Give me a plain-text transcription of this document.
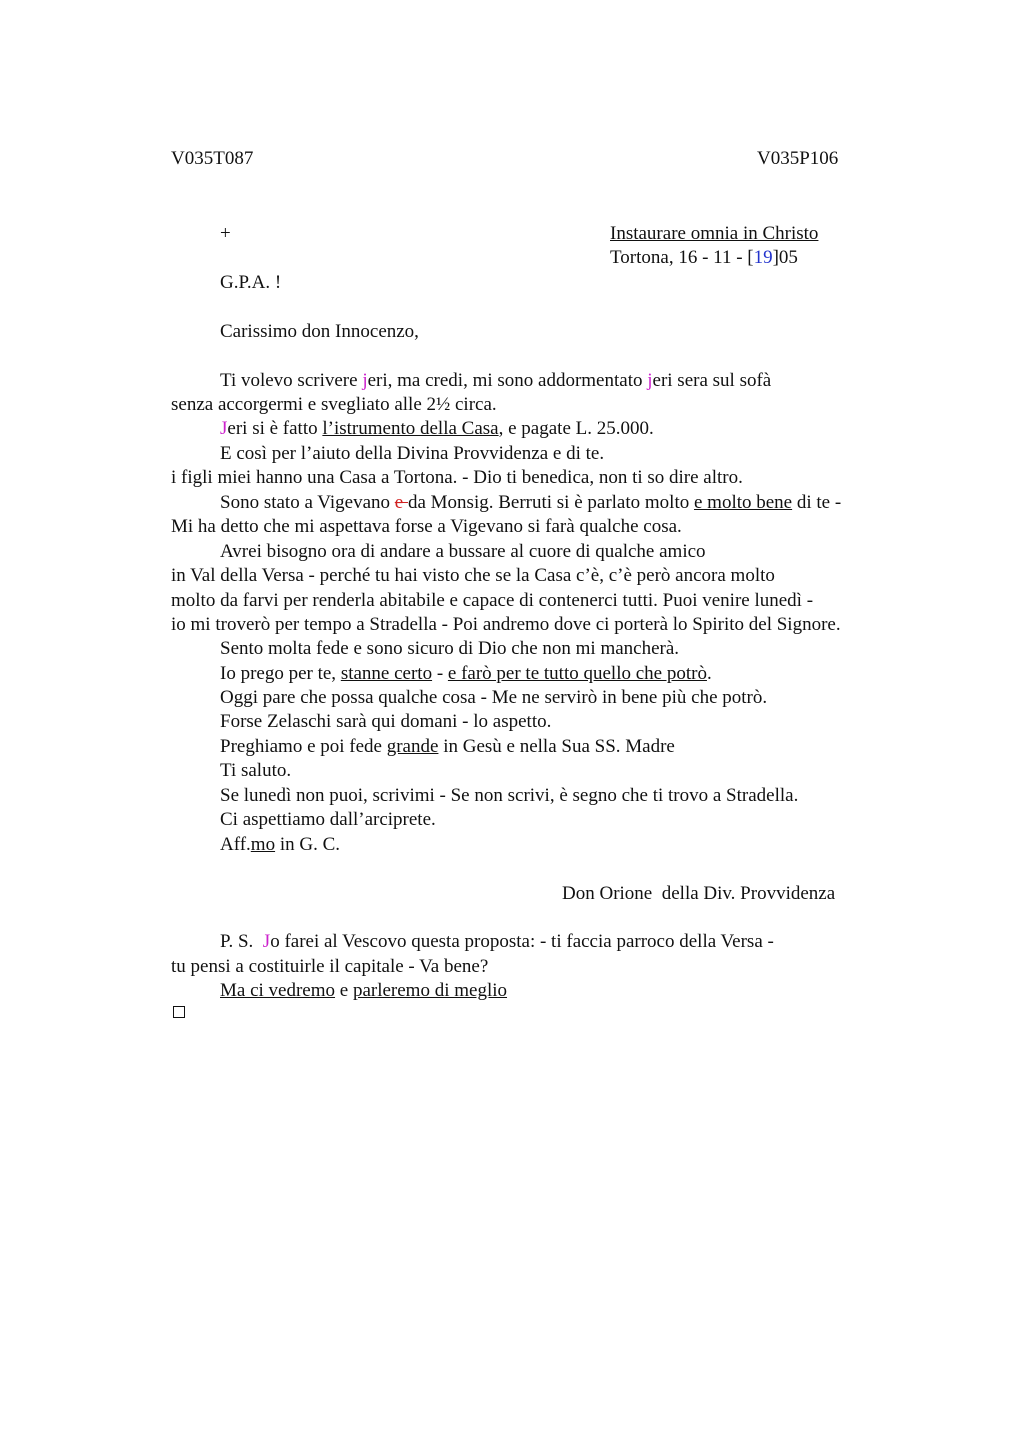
V035T087	V035P106
+	Instaurare omnia in Christo
Tortona, 16 - 11 - [19]05
G.P.A. !
Carissimo don Innocenzo,
Ti volevo scrivere jeri, ma credi, mi sono addormentato jeri sera sul sofà
senza accorgermi e svegliato alle 2½ circa.
Jeri si è fatto l’istrumento della Casa, e pagate L. 25.000.
E così per l’aiuto della Divina Provvidenza e di te.
i figli miei hanno una Casa a Tortona. - Dio ti benedica, non ti so dire altro.
Sono stato a Vigevano e da Monsig. Berruti si è parlato molto e molto bene di te -
Mi ha detto che mi aspettava forse a Vigevano si farà qualche cosa.
Avrei bisogno ora di andare a bussare al cuore di qualche amico
in Val della Versa - perché tu hai visto che se la Casa c’è, c’è però ancora molto
molto da farvi per renderla abitabile e capace di contenerci tutti. Puoi venire lunedì -
io mi troverò per tempo a Stradella - Poi andremo dove ci porterà lo Spirito del Signore.
Sento molta fede e sono sicuro di Dio che non mi mancherà.
Io prego per te, stanne certo - e farò per te tutto quello che potrò.
Oggi pare che possa qualche cosa - Me ne servirò in bene più che potrò.
Forse Zelaschi sarà qui domani - lo aspetto.
Preghiamo e poi fede grande in Gesù e nella Sua SS. Madre
Ti saluto.
Se lunedì non puoi, scrivimi - Se non scrivi, è segno che ti trovo a Stradella.
Ci aspettiamo dall’arciprete.
Aff.mo in G. C.
Don Orione  della Div. Provvidenza
P. S.  Jo farei al Vescovo questa proposta: - ti faccia parroco della Versa -
tu pensi a costituirle il capitale - Va bene?
Ma ci vedremo e parleremo di meglio
